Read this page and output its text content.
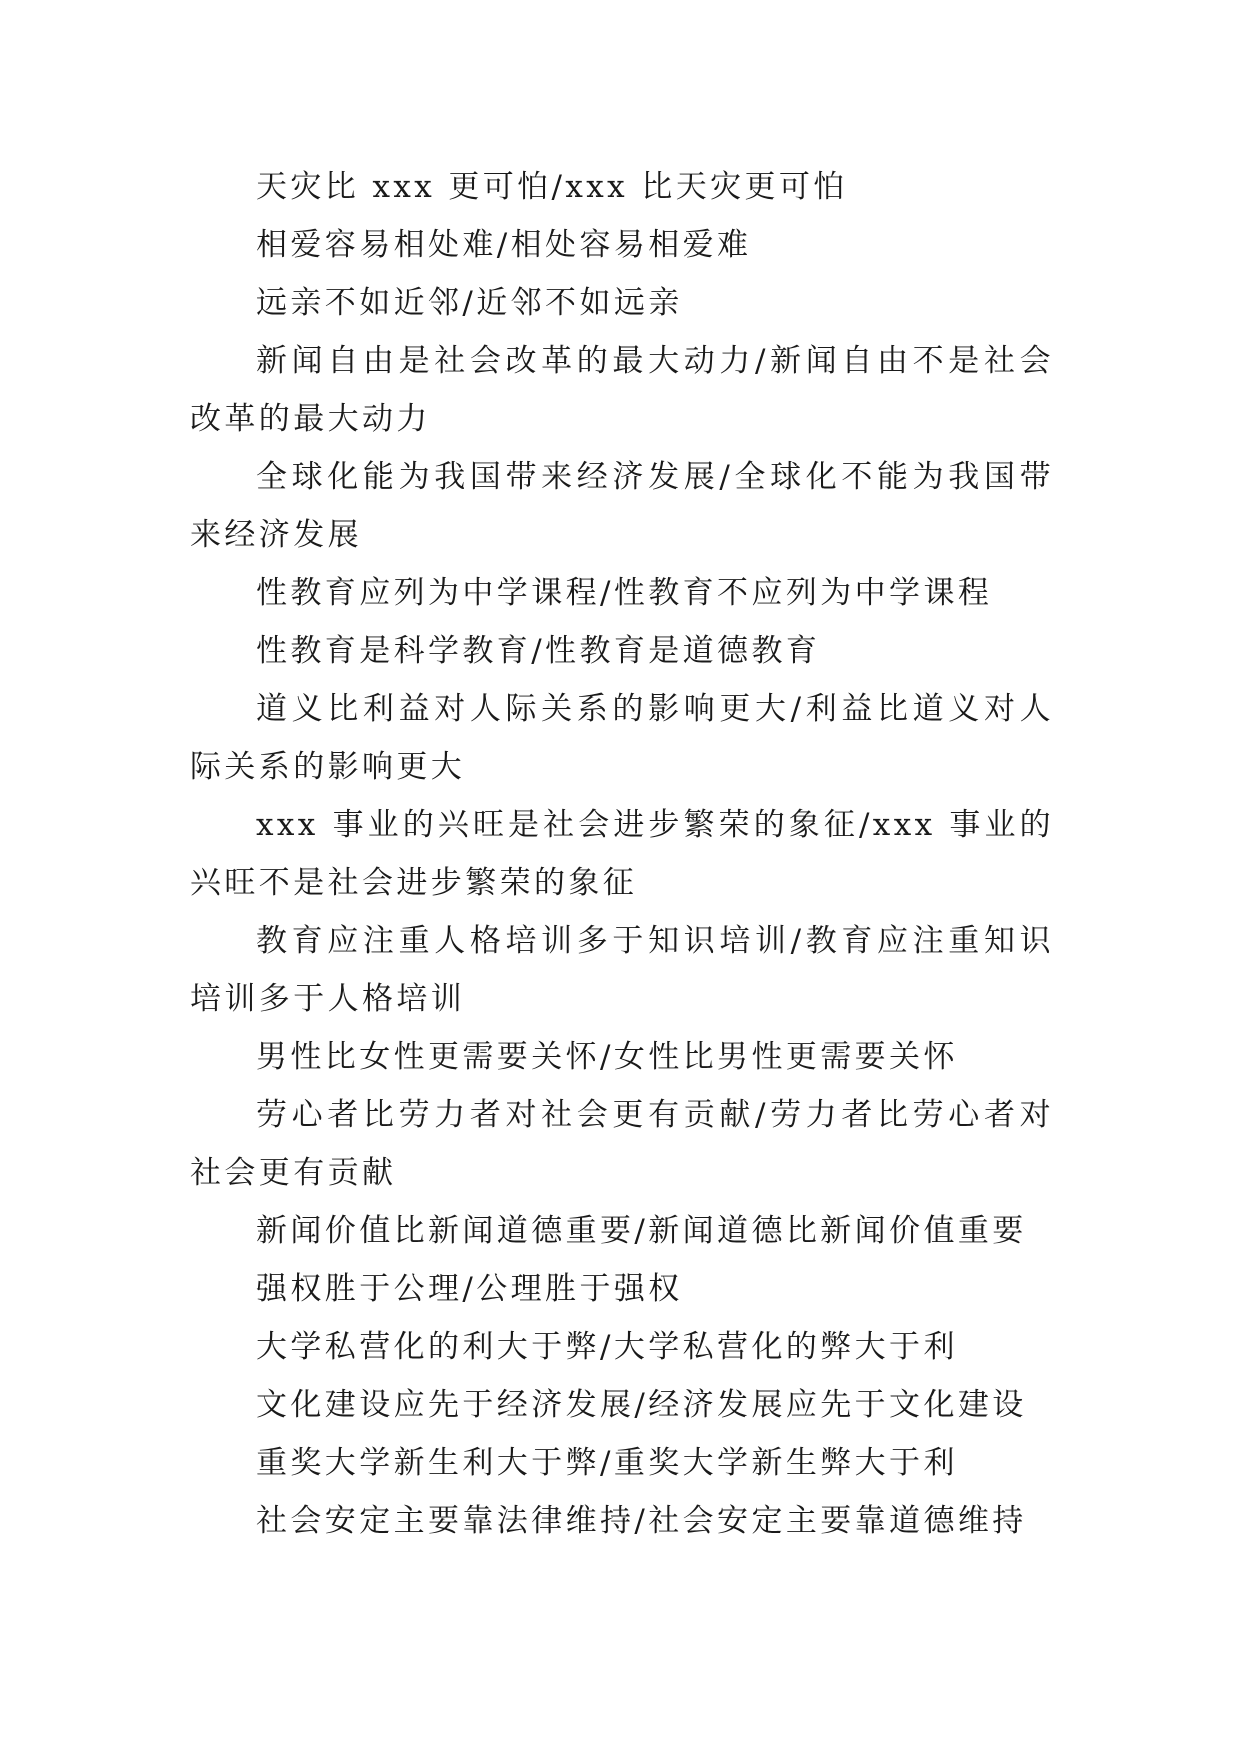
天灾比 xxx 更可怕/xxx 比天灾更可怕

相爱容易相处难/相处容易相爱难

远亲不如近邻/近邻不如远亲

新闻自由是社会改革的最大动力/新闻自由不是社会改革的最大动力

全球化能为我国带来经济发展/全球化不能为我国带来经济发展

性教育应列为中学课程/性教育不应列为中学课程

性教育是科学教育/性教育是道德教育

道义比利益对人际关系的影响更大/利益比道义对人际关系的影响更大

xxx 事业的兴旺是社会进步繁荣的象征/xxx 事业的兴旺不是社会进步繁荣的象征

教育应注重人格培训多于知识培训/教育应注重知识培训多于人格培训

男性比女性更需要关怀/女性比男性更需要关怀

劳心者比劳力者对社会更有贡献/劳力者比劳心者对社会更有贡献

新闻价值比新闻道德重要/新闻道德比新闻价值重要

强权胜于公理/公理胜于强权

大学私营化的利大于弊/大学私营化的弊大于利

文化建设应先于经济发展/经济发展应先于文化建设

重奖大学新生利大于弊/重奖大学新生弊大于利

社会安定主要靠法律维持/社会安定主要靠道德维持
